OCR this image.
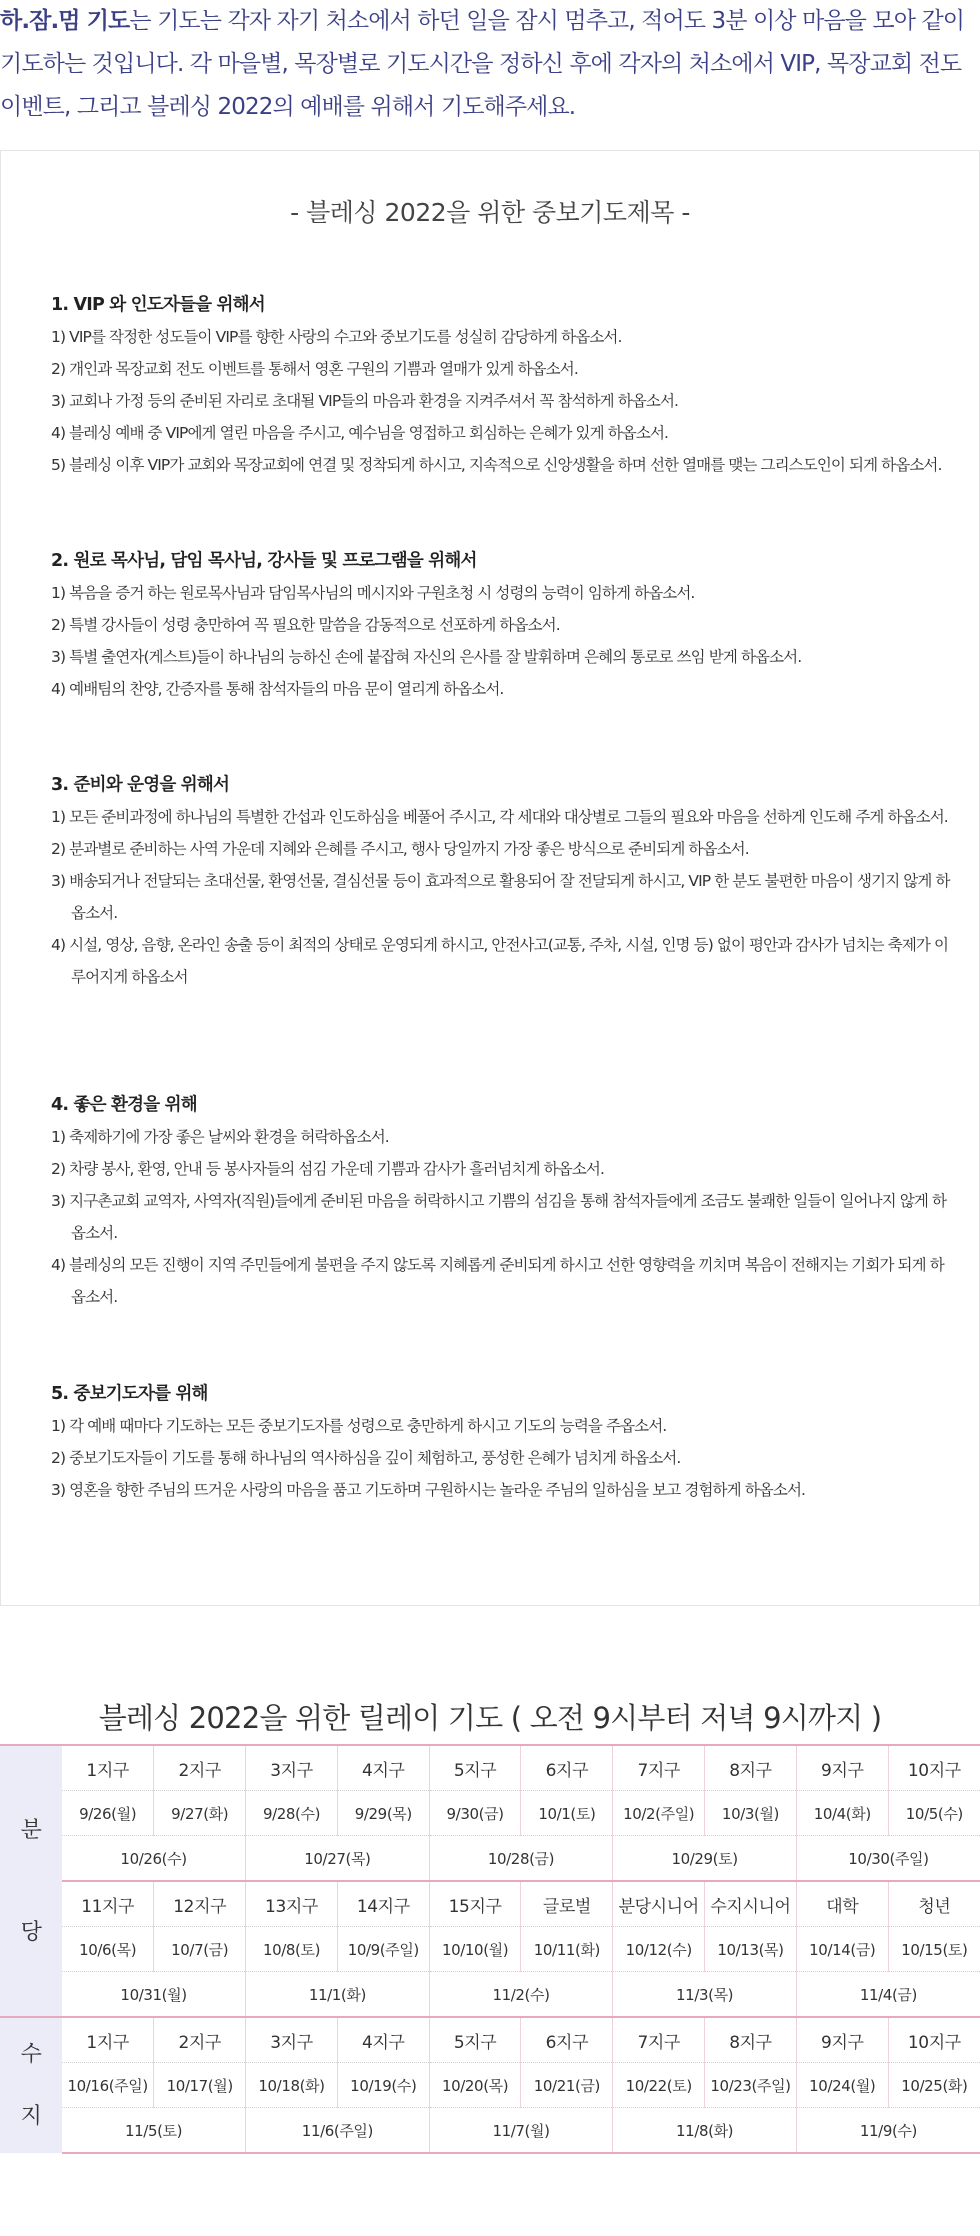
하.잠.멈 기도는 기도는 각자 자기 처소에서 하던 일을 잠시 멈추고, 적어도 3분 이상 마음을 모아 같이 기도하는 것입니다. 각 마을별, 목장별로 기도시간을 정하신 후에 각자의 처소에서 VIP, 목장교회 전도이벤트, 그리고 블레싱 2022의 예배를 위해서 기도해주세요.

- 블레싱 2022을 위한 중보기도제목 -
1. VIP 와 인도자들을 위해서
1) VIP를 작정한 성도들이 VIP를 향한 사랑의 수고와 중보기도를 성실히 감당하게 하옵소서.
2) 개인과 목장교회 전도 이벤트를 통해서 영혼 구원의 기쁨과 열매가 있게 하옵소서.
3) 교회나 가정 등의 준비된 자리로 초대될 VIP들의 마음과 환경을 지켜주셔서 꼭 참석하게 하옵소서.
4) 블레싱 예배 중 VIP에게 열린 마음을 주시고, 예수님을 영접하고 회심하는 은혜가 있게 하옵소서.
5) 블레싱 이후 VIP가 교회와 목장교회에 연결 및 정착되게 하시고, 지속적으로 신앙생활을 하며 선한 열매를 맺는 그리스도인이 되게 하옵소서.
2. 원로 목사님, 담임 목사님, 강사들 및 프로그램을 위해서
1) 복음을 증거 하는 원로목사님과 담임목사님의 메시지와 구원초청 시 성령의 능력이 임하게 하옵소서.
2) 특별 강사들이 성령 충만하여 꼭 필요한 말씀을 감동적으로 선포하게 하옵소서.
3) 특별 출연자(게스트)들이 하나님의 능하신 손에 붙잡혀 자신의 은사를 잘 발휘하며 은혜의 통로로 쓰임 받게 하옵소서.
4) 예배팀의 찬양, 간증자를 통해 참석자들의 마음 문이 열리게 하옵소서.
3. 준비와 운영을 위해서
1) 모든 준비과정에 하나님의 특별한 간섭과 인도하심을 베풀어 주시고, 각 세대와 대상별로 그들의 필요와 마음을 선하게 인도해 주게 하옵소서.
2) 분과별로 준비하는 사역 가운데 지혜와 은혜를 주시고, 행사 당일까지 가장 좋은 방식으로 준비되게 하옵소서.
3) 배송되거나 전달되는 초대선물, 환영선물, 결심선물 등이 효과적으로 활용되어 잘 전달되게 하시고, VIP 한 분도 불편한 마음이 생기지 않게 하옵소서.
4) 시설, 영상, 음향, 온라인 송출 등이 최적의 상태로 운영되게 하시고, 안전사고(교통, 주차, 시설, 인명 등) 없이 평안과 감사가 넘치는 축제가 이루어지게 하옵소서
4. 좋은 환경을 위해
1) 축제하기에 가장 좋은 날씨와 환경을 허락하옵소서.
2) 차량 봉사, 환영, 안내 등 봉사자들의 섬김 가운데 기쁨과 감사가 흘러넘치게 하옵소서.
3) 지구촌교회 교역자, 사역자(직원)들에게 준비된 마음을 허락하시고 기쁨의 섬김을 통해 참석자들에게 조금도 불쾌한 일들이 일어나지 않게 하옵소서.
4) 블레싱의 모든 진행이 지역 주민들에게 불편을 주지 않도록 지혜롭게 준비되게 하시고 선한 영향력을 끼치며 복음이 전해지는 기회가 되게 하옵소서.
5. 중보기도자를 위해
1) 각 예배 때마다 기도하는 모든 중보기도자를 성령으로 충만하게 하시고 기도의 능력을 주옵소서.
2) 중보기도자들이 기도를 통해 하나님의 역사하심을 깊이 체험하고, 풍성한 은혜가 넘치게 하옵소서.
3) 영혼을 향한 주님의 뜨거운 사랑의 마음을 품고 기도하며 구원하시는 놀라운 주님의 일하심을 보고 경험하게 하옵소서.
블레싱 2022을 위한 릴레이 기도 ( 오전 9시부터 저녁 9시까지 )
분
당	1지구	2지구	3지구	4지구	5지구	6지구	7지구	8지구	9지구	10지구
	9/26(월)	9/27(화)	9/28(수)	9/29(목)	9/30(금)	10/1(토)	10/2(주일)	10/3(월)	10/4(화)	10/5(수)
	10/26(수)		10/27(목)		10/28(금)		10/29(토)		10/30(주일)	
	11지구	12지구	13지구	14지구	15지구	글로벌	분당시니어	수지시니어	대학	청년
	10/6(목)	10/7(금)	10/8(토)	10/9(주일)	10/10(월)	10/11(화)	10/12(수)	10/13(목)	10/14(금)	10/15(토)
	10/31(월)		11/1(화)		11/2(수)		11/3(목)		11/4(금)	
수
지	1지구	2지구	3지구	4지구	5지구	6지구	7지구	8지구	9지구	10지구
	10/16(주일)	10/17(월)	10/18(화)	10/19(수)	10/20(목)	10/21(금)	10/22(토)	10/23(주일)	10/24(월)	10/25(화)
	11/5(토)		11/6(주일)		11/7(월)		11/8(화)		11/9(수)	
